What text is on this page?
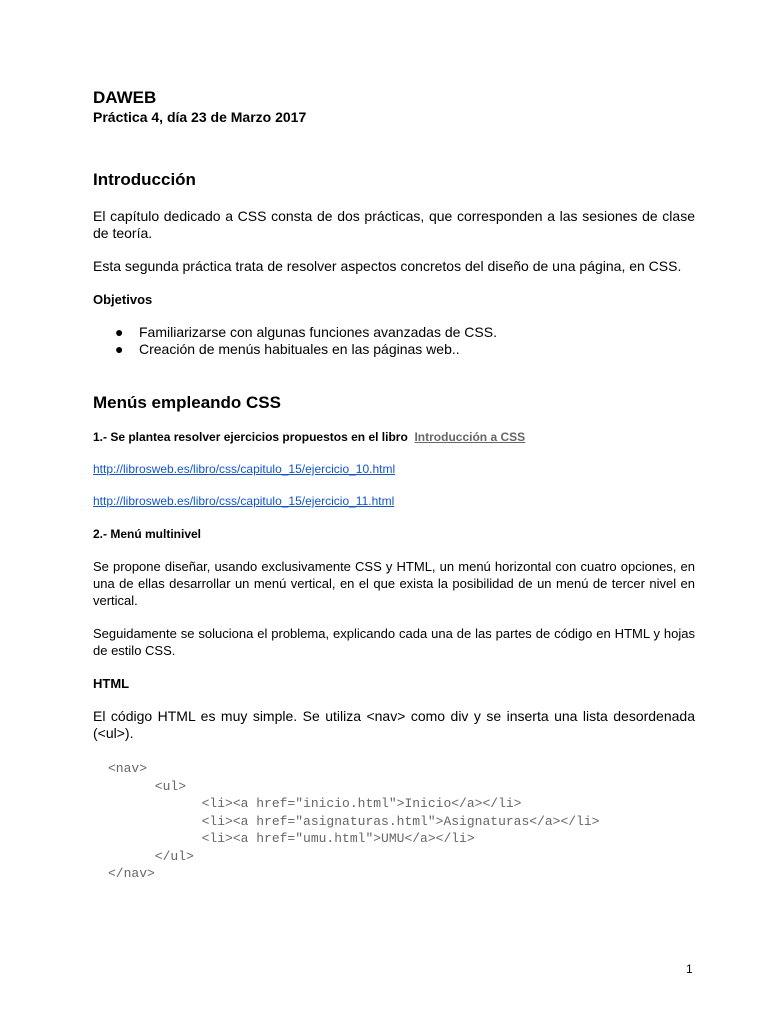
DAWEB
Práctica 4, día 23 de Marzo 2017
Introducción

El capítulo dedicado a CSS consta de dos prácticas, que corresponden a las sesiones de clase de teoría.

Esta segunda práctica trata de resolver aspectos concretos del diseño de una página, en CSS.

Objetivos
● Familiarizarse con algunas funciones avanzadas de CSS.
● Creación de menús habituales en las páginas web..
Menús empleando CSS
1.- Se plantea resolver ejercicios propuestos en el libro Introducción a CSS
http://librosweb.es/libro/css/capitulo_15/ejercicio_10.html
http://librosweb.es/libro/css/capitulo_15/ejercicio_11.html
2.- Menú multinivel

Se propone diseñar, usando exclusivamente CSS y HTML, un menú horizontal con cuatro opciones, en una de ellas desarrollar un menú vertical, en el que exista la posibilidad de un menú de tercer nivel en vertical.

Seguidamente se soluciona el problema, explicando cada una de las partes de código en HTML y hojas de estilo CSS.

HTML

El código HTML es muy simple. Se utiliza <nav> como div y se inserta una lista desordenada (<ul>).

<nav>
<ul>
<li><a href="inicio.html">Inicio</a></li>
<li><a href="asignaturas.html">Asignaturas</a></li>
<li><a href="umu.html">UMU</a></li>
</ul>
</nav>
1
